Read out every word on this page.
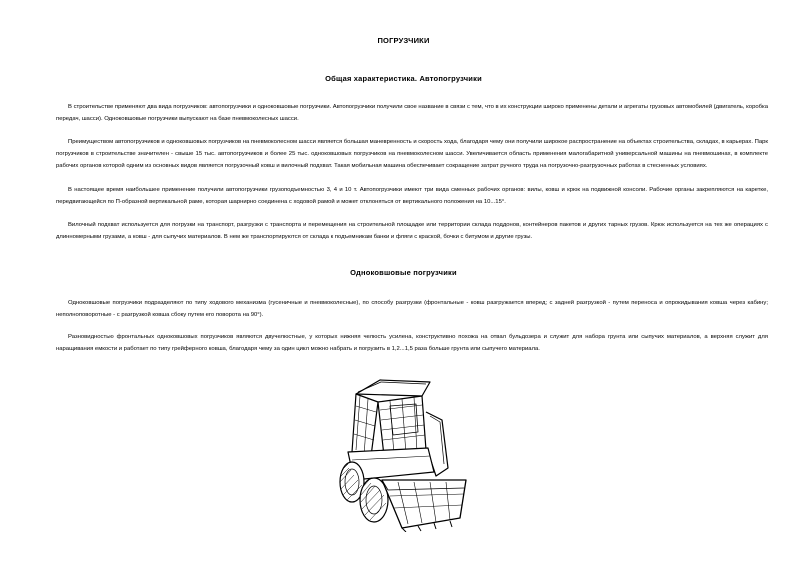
ПОГРУЗЧИКИ
Общая характеристика. Автопогрузчики

В строительстве применяют два вида погрузчиков: автопогрузчики и одноковшовые погрузчики. Автопогрузчики получили свое название в связи с тем, что в их конструкции широко применены детали и агрегаты грузовых автомобилей (двигатель, коробка передач, шасси). Одноковшовые погрузчики выпускают на базе пневмоколесных шасси.

Преимуществом автопогрузчиков и одноковшовых погрузчиков на пневмоколесном шасси является большая маневренность и скорость хода, благодаря чему они получили широкое распространение на объектах строительства, складах, в карьерах. Парк погрузчиков в строительстве значителен - свыше 15 тыс. автопогрузчиков и более 25 тыс. одноковшовых погрузчиков на пневмоколесном шасси. Увеличивается область применения малогабаритной универсальной машины на пневмошинах, в комплекте рабочих органов которой одним из основных видов является погрузочный ковш и вилочный подхват. Такая мобильная машина обеспечивает сокращение затрат ручного труда на погрузочно-разгрузочных работах в стесненных условиях.

В настоящее время наибольшее применение получили автопогрузчики грузоподъемностью 3, 4 и 10 т. Автопогрузчики имеют три вида сменных рабочих органов: вилы, ковш и крюк на подвижной консоли. Рабочие органы закрепляются на каретке, передвигающейся по П-образной вертикальной раме, которая шарнирно соединена с ходовой рамой и может отклоняться от вертикального положения на 10...15°.

Вилочный подхват используется для погрузки на транспорт, разгрузки с транспорта и перемещения на строительной площадке или территории склада поддонов, контейнеров пакетов и других тарных грузов. Крюк используется на тех же операциях с длинномерными грузами, а ковш - для сыпучих материалов. В нем же транспортируются от склада к подъемникам банки и фляги с краской, бочки с битумом и другие грузы.

Одноковшовые погрузчики

Одноковшовые погрузчики подразделяют по типу ходового механизма (гусеничные и пневмоколесные), по способу разгрузки (фронтальные - ковш разгружается вперед; с задней разгрузкой - путем переноса и опрокидывания ковша через кабину; неполноповоротные - с разгрузкой ковша сбоку путем его поворота на 90°).

Разновидностью фронтальных одноковшовых погрузчиков являются двучелюстные, у которых нижняя челюсть усилена, конструктивно похожа на отвал бульдозера и служит для набора грунта или сыпучих материалов, а верхняя служит для наращивания емкости и работает по типу грейферного ковша, благодаря чему за один цикл можно набрать и погрузить в 1,2...1,5 раза больше грунта или сыпучего материала.
